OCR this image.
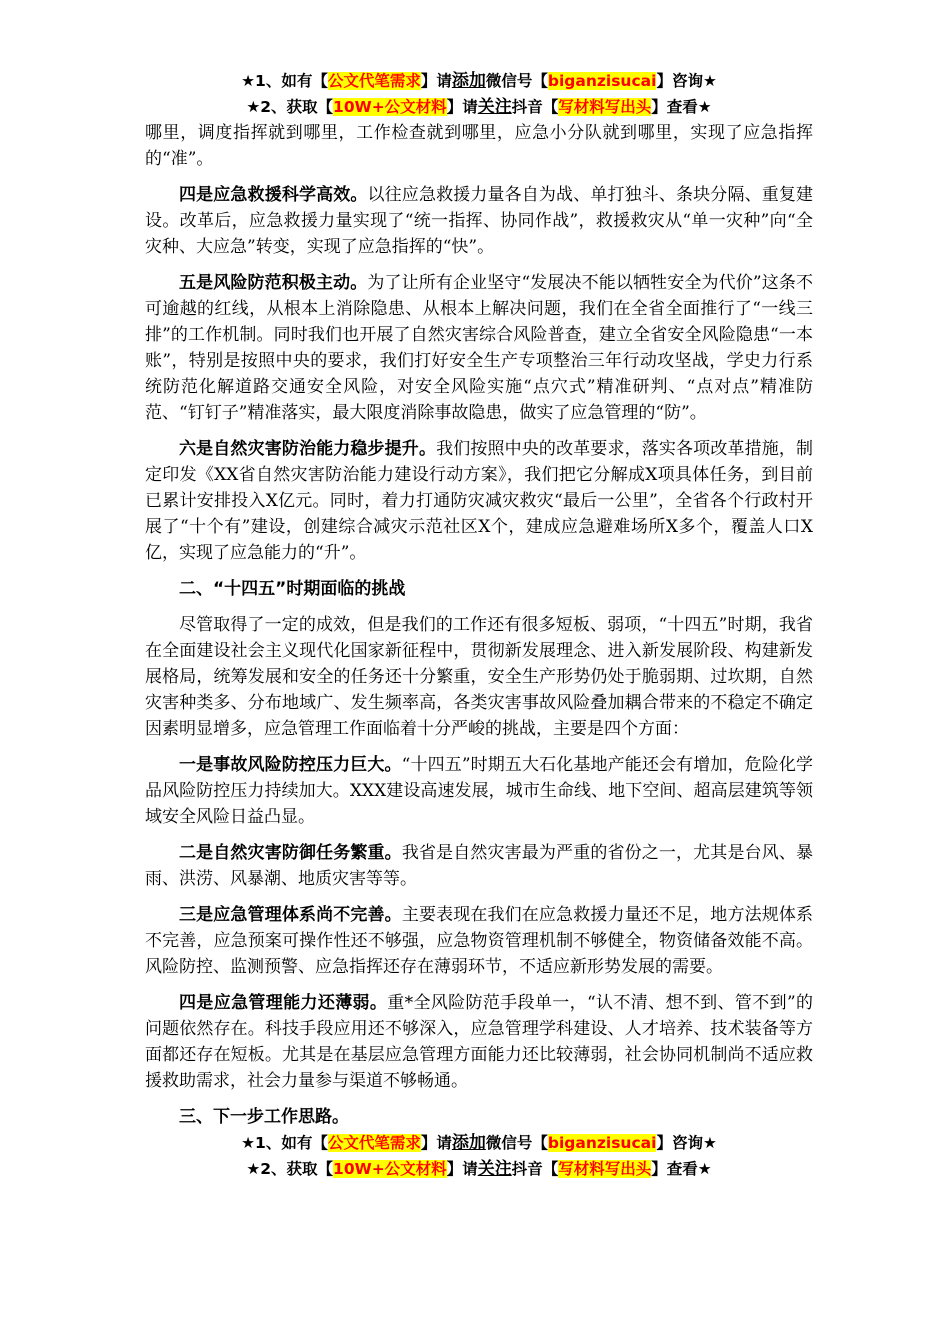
★1、如有【公文代笔需求】请添加微信号【biganzisucai】咨询★
★2、获取【10W+公文材料】请关注抖音【写材料写出头】查看★

哪里，调度指挥就到哪里，工作检查就到哪里，应急小分队就到哪里，实现了应急指挥的“准”。

四是应急救援科学高效。以往应急救援力量各自为战、单打独斗、条块分隔、重复建设。改革后，应急救援力量实现了“统一指挥、协同作战”，救援救灾从“单一灾种”向“全灾种、大应急”转变，实现了应急指挥的“快”。

五是风险防范积极主动。为了让所有企业坚守“发展决不能以牺牲安全为代价”这条不可逾越的红线，从根本上消除隐患、从根本上解决问题，我们在全省全面推行了“一线三排”的工作机制。同时我们也开展了自然灾害综合风险普查，建立全省安全风险隐患“一本账”，特别是按照中央的要求，我们打好安全生产专项整治三年行动攻坚战，学史力行系统防范化解道路交通安全风险，对安全风险实施“点穴式”精准研判、“点对点”精准防范、“钉钉子”精准落实，最大限度消除事故隐患，做实了应急管理的“防”。

六是自然灾害防治能力稳步提升。我们按照中央的改革要求，落实各项改革措施，制定印发《XX省自然灾害防治能力建设行动方案》，我们把它分解成X项具体任务，到目前已累计安排投入X亿元。同时，着力打通防灾减灾救灾“最后一公里”，全省各个行政村开展了“十个有”建设，创建综合减灾示范社区X个，建成应急避难场所X多个，覆盖人口X亿，实现了应急能力的“升”。

二、“十四五”时期面临的挑战

尽管取得了一定的成效，但是我们的工作还有很多短板、弱项，“十四五”时期，我省在全面建设社会主义现代化国家新征程中，贯彻新发展理念、进入新发展阶段、构建新发展格局，统筹发展和安全的任务还十分繁重，安全生产形势仍处于脆弱期、过坎期，自然灾害种类多、分布地域广、发生频率高，各类灾害事故风险叠加耦合带来的不稳定不确定因素明显增多，应急管理工作面临着十分严峻的挑战，主要是四个方面：

一是事故风险防控压力巨大。“十四五”时期五大石化基地产能还会有增加，危险化学品风险防控压力持续加大。XXX建设高速发展，城市生命线、地下空间、超高层建筑等领域安全风险日益凸显。

二是自然灾害防御任务繁重。我省是自然灾害最为严重的省份之一，尤其是台风、暴雨、洪涝、风暴潮、地质灾害等等。

三是应急管理体系尚不完善。主要表现在我们在应急救援力量还不足，地方法规体系不完善，应急预案可操作性还不够强，应急物资管理机制不够健全，物资储备效能不高。风险防控、监测预警、应急指挥还存在薄弱环节，不适应新形势发展的需要。

四是应急管理能力还薄弱。重*全风险防范手段单一，“认不清、想不到、管不到”的问题依然存在。科技手段应用还不够深入，应急管理学科建设、人才培养、技术装备等方面都还存在短板。尤其是在基层应急管理方面能力还比较薄弱，社会协同机制尚不适应救援救助需求，社会力量参与渠道不够畅通。

三、下一步工作思路。

★1、如有【公文代笔需求】请添加微信号【biganzisucai】咨询★
★2、获取【10W+公文材料】请关注抖音【写材料写出头】查看★
